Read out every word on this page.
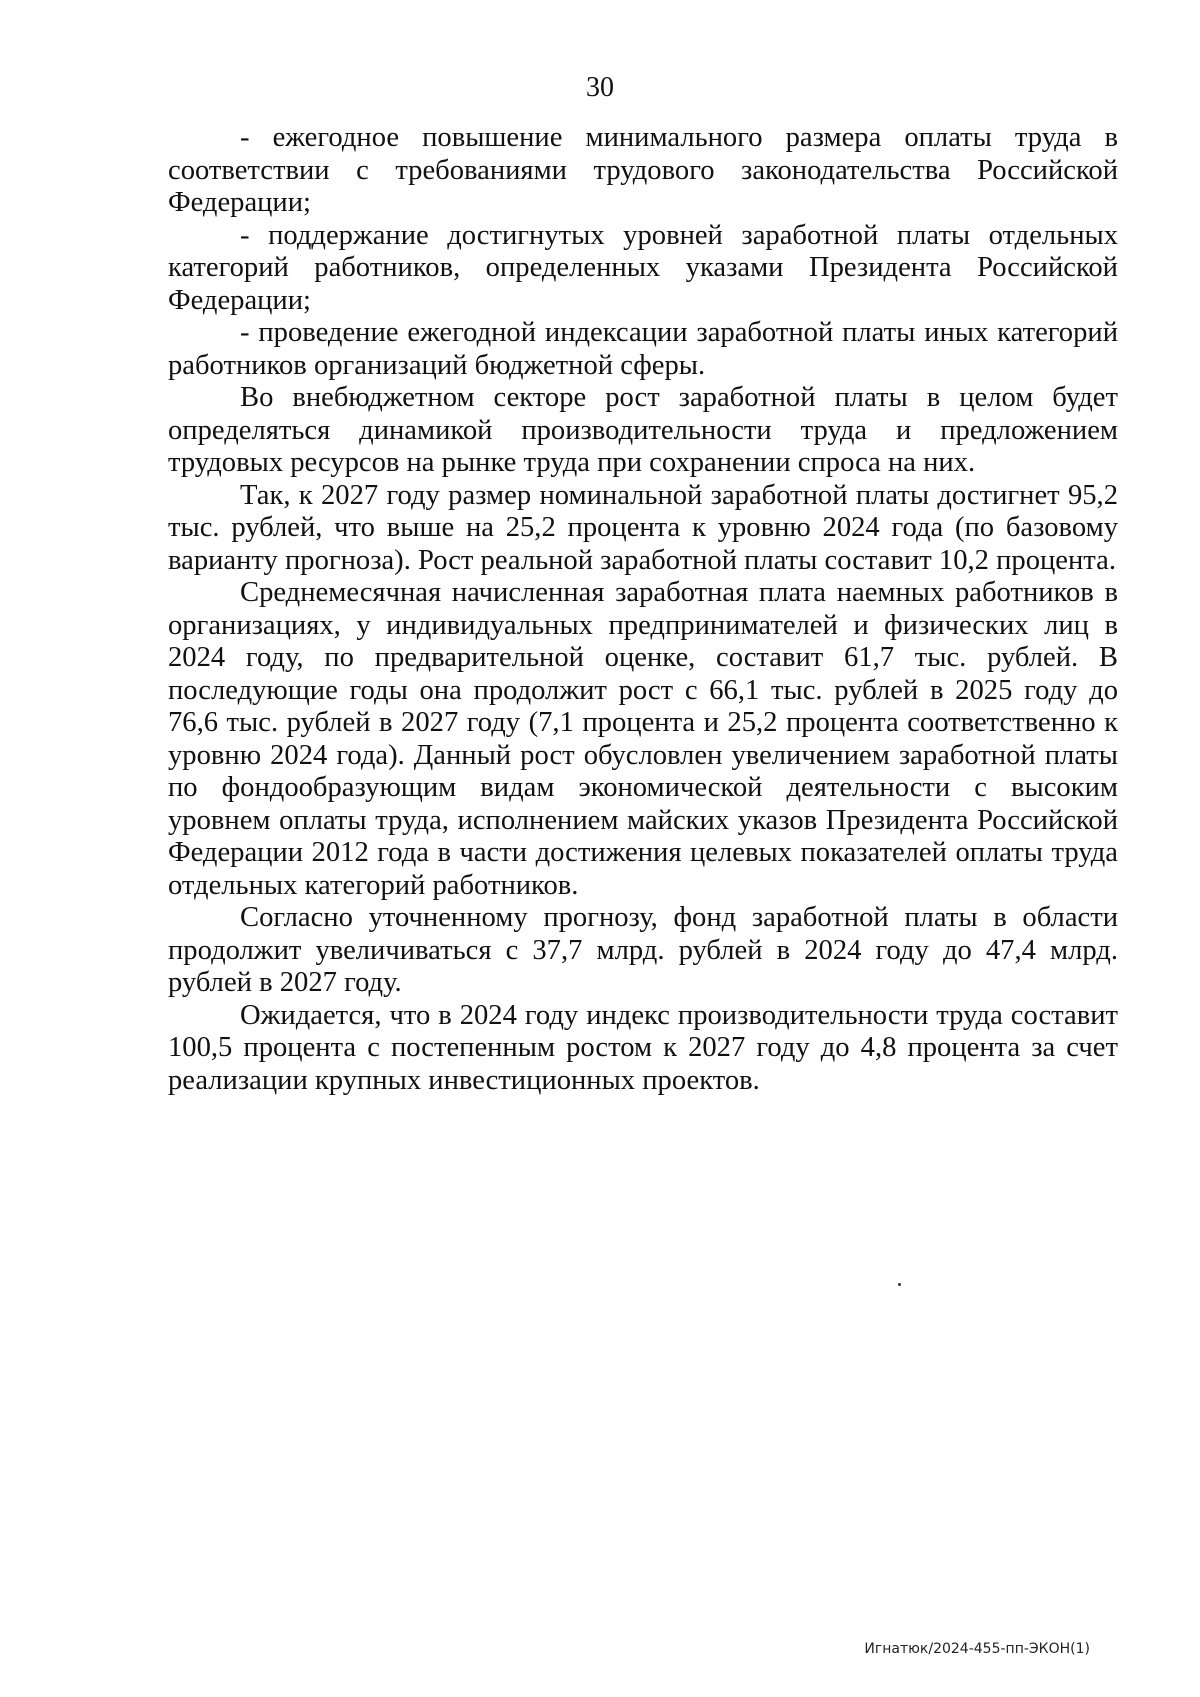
30

- ежегодное повышение минимального размера оплаты труда в соответствии с требованиями трудового законодательства Российской Федерации;

- поддержание достигнутых уровней заработной платы отдельных категорий работников, определенных указами Президента Российской Федерации;

- проведение ежегодной индексации заработной платы иных категорий работников организаций бюджетной сферы.

Во внебюджетном секторе рост заработной платы в целом будет определяться динамикой производительности труда и предложением трудовых ресурсов на рынке труда при сохранении спроса на них.

Так, к 2027 году размер номинальной заработной платы достигнет 95,2 тыс. рублей, что выше на 25,2 процента к уровню 2024 года (по базовому варианту прогноза). Рост реальной заработной платы составит 10,2 процента.

Среднемесячная начисленная заработная плата наемных работников в организациях, у индивидуальных предпринимателей и физических лиц в 2024 году, по предварительной оценке, составит 61,7 тыс. рублей. В последующие годы она продолжит рост с 66,1 тыс. рублей в 2025 году до 76,6 тыс. рублей в 2027 году (7,1 процента и 25,2 процента соответственно к уровню 2024 года). Данный рост обусловлен увеличением заработной платы по фондообразующим видам экономической деятельности с высоким уровнем оплаты труда, исполнением майских указов Президента Российской Федерации 2012 года в части достижения целевых показателей оплаты труда отдельных категорий работников.

Согласно уточненному прогнозу, фонд заработной платы в области продолжит увеличиваться с 37,7 млрд. рублей в 2024 году до 47,4 млрд. рублей в 2027 году.

Ожидается, что в 2024 году индекс производительности труда составит 100,5 процента с постепенным ростом к 2027 году до 4,8 процента за счет реализации крупных инвестиционных проектов.

Игнатюк/2024-455-пп-ЭКОН(1)
